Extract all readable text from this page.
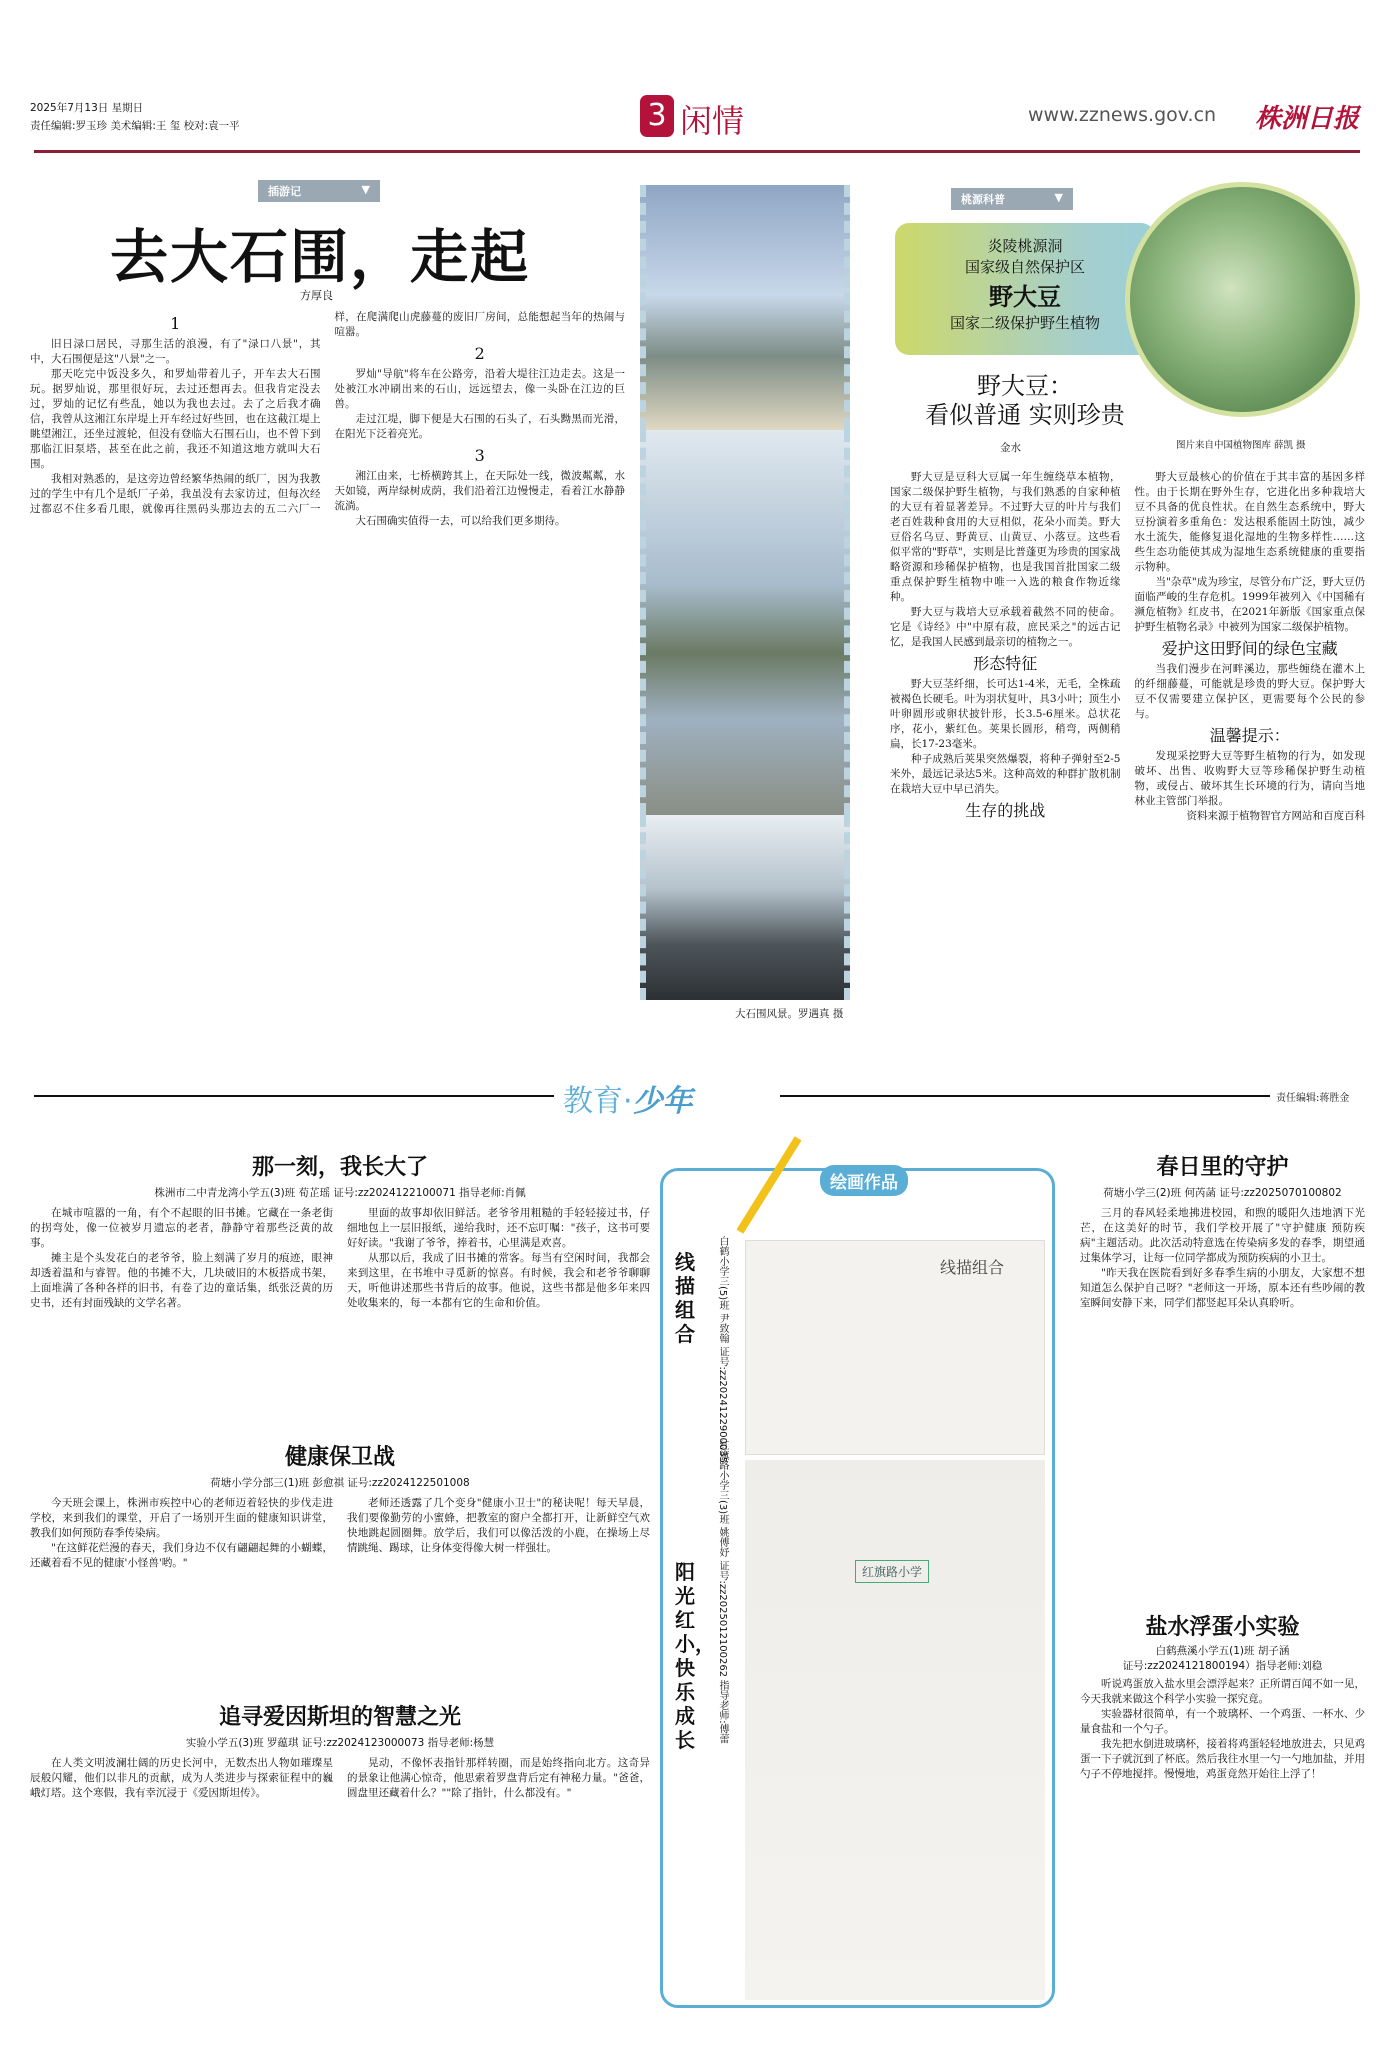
2025年7月13日 星期日
责任编辑:罗玉珍 美术编辑:王 玺 校对:袁一平	3 闲情	www.zznews.gov.cn 株洲日报
插游记	▼
去大石围，走起
方厚良
1

旧日渌口居民，寻那生活的浪漫，有了"渌口八景"，其中，大石围便是这"八景"之一。

那天吃完中饭没多久，和罗灿带着儿子，开车去大石围玩。据罗灿说，那里很好玩，去过还想再去。但我肯定没去过，罗灿的记忆有些乱，她以为我也去过。去了之后我才确信，我曾从这湘江东岸堤上开车经过好些回，也在这截江堤上眺望湘江，还坐过渡轮，但没有登临大石围石山，也不曾下到那临江旧泵塔，甚至在此之前，我还不知道这地方就叫大石围。

我相对熟悉的，是这旁边曾经繁华热闹的纸厂，因为我教过的学生中有几个是纸厂子弟，我虽没有去家访过，但每次经过都忍不住多看几眼，就像再往黑码头那边去的五二六厂一样，在爬满爬山虎藤蔓的废旧厂房间，总能想起当年的热闹与喧嚣。

2

罗灿"导航"将车在公路旁，沿着大堤往江边走去。这是一处被江水冲刷出来的石山，远远望去，像一头卧在江边的巨兽。

走过江堤，脚下便是大石围的石头了，石头黝黑而光滑，在阳光下泛着亮光。

3

湘江由来，七桥横跨其上，在天际处一线，微波粼粼，水天如镜，两岸绿树成荫，我们沿着江边慢慢走，看着江水静静流淌。

大石围确实值得一去，可以给我们更多期待。

大石围风景。罗遇真 摄
桃源科普	▼
炎陵桃源洞
国家级自然保护区
野大豆
国家二级保护野生植物
野大豆：
看似普通 实则珍贵
金水	图片来自中国植物图库 薛凯 摄

野大豆是豆科大豆属一年生缠绕草本植物，国家二级保护野生植物，与我们熟悉的自家种植的大豆有着显著差异。不过野大豆的叶片与我们老百姓栽种食用的大豆相似，花朵小而美。野大豆俗名乌豆、野黄豆、山黄豆、小落豆。这些看似平常的"野草"，实则是比普蓬更为珍贵的国家战略资源和珍稀保护植物，也是我国首批国家二级重点保护野生植物中唯一入选的粮食作物近缘种。

野大豆与栽培大豆承载着截然不同的使命。它是《诗经》中"中原有菽，庶民采之"的远古记忆，是我国人民感到最亲切的植物之一。

形态特征

野大豆茎纤细，长可达1-4米，无毛，全株疏被褐色长硬毛。叶为羽状复叶，具3小叶；顶生小叶卵圆形或卵状披针形，长3.5-6厘米。总状花序，花小，紫红色。荚果长圆形，稍弯，两侧稍扁，长17-23毫米。

种子成熟后荚果突然爆裂，将种子弹射至2-5米外，最远记录达5米。这种高效的种群扩散机制在栽培大豆中早已消失。

生存的挑战

野大豆最核心的价值在于其丰富的基因多样性。由于长期在野外生存，它进化出多种栽培大豆不具备的优良性状。在自然生态系统中，野大豆扮演着多重角色：发达根系能固土防蚀，减少水土流失，能修复退化湿地的生物多样性……这些生态功能使其成为湿地生态系统健康的重要指示物种。

当"杂草"成为珍宝，尽管分布广泛，野大豆仍面临严峻的生存危机。1999年被列入《中国稀有濒危植物》红皮书，在2021年新版《国家重点保护野生植物名录》中被列为国家二级保护植物。

爱护这田野间的绿色宝藏

当我们漫步在河畔溪边，那些缠绕在灌木上的纤细藤蔓，可能就是珍贵的野大豆。保护野大豆不仅需要建立保护区，更需要每个公民的参与。

温馨提示：

发现采挖野大豆等野生植物的行为，如发现破坏、出售、收购野大豆等珍稀保护野生动植物，或侵占、破坏其生长环境的行为，请向当地林业主管部门举报。

资料来源于植物智官方网站和百度百科

教育·少年	责任编辑:蒋胜金
那一刻，我长大了
株洲市二中青龙湾小学五(3)班 荀芷瑶 证号:zz2024122100071 指导老师:肖佩

在城市喧嚣的一角，有个不起眼的旧书摊。它藏在一条老街的拐弯处，像一位被岁月遗忘的老者，静静守着那些泛黄的故事。

摊主是个头发花白的老爷爷，脸上刻满了岁月的痕迹，眼神却透着温和与睿智。他的书摊不大，几块破旧的木板搭成书架，上面堆满了各种各样的旧书，有卷了边的童话集，纸张泛黄的历史书，还有封面残缺的文学名著。

里面的故事却依旧鲜活。老爷爷用粗糙的手轻轻接过书，仔细地包上一层旧报纸，递给我时，还不忘叮嘱："孩子，这书可要好好读。"我谢了爷爷，捧着书，心里满是欢喜。

从那以后，我成了旧书摊的常客。每当有空闲时间，我都会来到这里，在书堆中寻觅新的惊喜。有时候，我会和老爷爷聊聊天，听他讲述那些书背后的故事。他说，这些书都是他多年来四处收集来的，每一本都有它的生命和价值。

健康保卫战
荷塘小学分部三(1)班 彭愈祺 证号:zz2024122501008

今天班会课上，株洲市疾控中心的老师迈着轻快的步伐走进学校，来到我们的课堂，开启了一场别开生面的健康知识讲堂，教我们如何预防春季传染病。

"在这鲜花烂漫的春天，我们身边不仅有翩翩起舞的小蝴蝶，还藏着看不见的健康'小怪兽'哟。"

老师还透露了几个变身"健康小卫士"的秘诀呢！每天早晨，我们要像勤劳的小蜜蜂，把教室的窗户全都打开，让新鲜空气欢快地跳起圆圈舞。放学后，我们可以像活泼的小鹿，在操场上尽情跳绳、踢球，让身体变得像大树一样强壮。

追寻爱因斯坦的智慧之光
实验小学五(3)班 罗蕴琪 证号:zz2024123000073 指导老师:杨慧

在人类文明波澜壮阔的历史长河中，无数杰出人物如璀璨星辰般闪耀，他们以非凡的贡献，成为人类进步与探索征程中的巍峨灯塔。这个寒假，我有幸沉浸于《爱因斯坦传》。

晃动，不像怀表指针那样转圈，而是始终指向北方。这奇异的景象让他满心惊奇，他思索着罗盘背后定有神秘力量。"爸爸，圆盘里还藏着什么？""除了指针，什么都没有。"

绘画作品
线描组合	白鹤小学三(5)班 尹致翰 证号:zz2024122900035	线描组合
阳光红小，快乐成长	红旗路小学三(3)班 姚傅妤 证号:zz2025012100262 指导老师:傅蕾	红旗路小学
春日里的守护
荷塘小学三(2)班 何芮菡 证号:zz2025070100802

三月的春风轻柔地拂进校园，和煦的暖阳久违地洒下光芒，在这美好的时节，我们学校开展了"守护健康 预防疾病"主题活动。此次活动特意选在传染病多发的春季，期望通过集体学习，让每一位同学都成为预防疾病的小卫士。

"昨天我在医院看到好多春季生病的小朋友，大家想不想知道怎么保护自己呀？"老师这一开场，原本还有些吵闹的教室瞬间安静下来，同学们都竖起耳朵认真聆听。

盐水浮蛋小实验
白鹤燕溪小学五(1)班 胡子涵
证号:zz2024121800194）指导老师:刘稳

听说鸡蛋放入盐水里会漂浮起来？正所谓百闻不如一见，今天我就来做这个科学小实验一探究竟。

实验器材很简单，有一个玻璃杯、一个鸡蛋、一杯水、少量食盐和一个勺子。

我先把水倒进玻璃杯，接着将鸡蛋轻轻地放进去，只见鸡蛋一下子就沉到了杯底。然后我往水里一勺一勺地加盐，并用勺子不停地搅拌。慢慢地，鸡蛋竟然开始往上浮了！
